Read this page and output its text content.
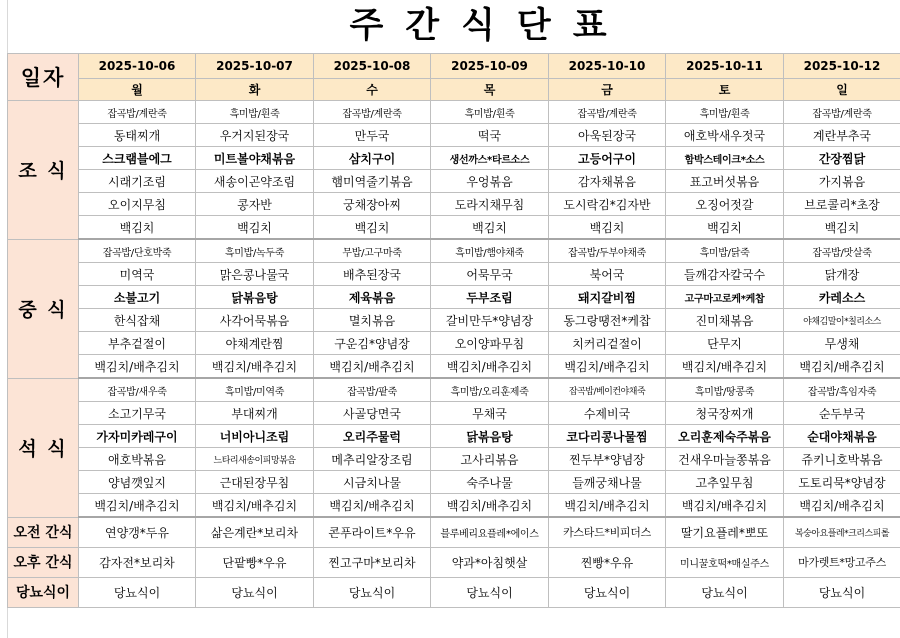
주간식단표
일자	2025-10-06	2025-10-07	2025-10-08	2025-10-09	2025-10-10	2025-10-11	2025-10-12
	월	화	수	목	금	토	일
조 식	잡곡밥/계란죽	흑미밥/흰죽	잡곡밥/계란죽	흑미밥/흰죽	잡곡밥/계란죽	흑미밥/흰죽	잡곡밥/계란죽
	동태찌개	우거지된장국	만두국	떡국	아욱된장국	애호박새우젓국	계란부추국
	스크램블에그	미트볼야채볶음	삼치구이	생선까스*타르소스	고등어구이	함박스테이크*소스	간장찜닭
	시래기조림	새송이곤약조림	햄미역줄기볶음	우엉볶음	감자채볶음	표고버섯볶음	가지볶음
	오이지무침	콩자반	궁채장아찌	도라지채무침	도시락김*김자반	오징어젓갈	브로콜리*초장
	백김치	백김치	백김치	백김치	백김치	백김치	백김치
중 식	잡곡밥/단호박죽	흑미밥/녹두죽	무밥/고구마죽	흑미밥/햄야채죽	잡곡밥/두부야채죽	흑미밥/닭죽	잡곡밥/맛살죽
	미역국	맑은콩나물국	배추된장국	어묵무국	북어국	들깨감자칼국수	닭개장
	소불고기	닭볶음탕	제육볶음	두부조림	돼지갈비찜	고구마고로케*케찹	카레소스
	한식잡채	사각어묵볶음	멸치볶음	갈비만두*양념장	동그랑땡전*케찹	진미채볶음	야채김말이*칠리소스
	부추겉절이	야채계란찜	구운김*양념장	오이양파무침	치커리겉절이	단무지	무생채
	백김치/배추김치	백김치/배추김치	백김치/배추김치	백김치/배추김치	백김치/배추김치	백김치/배추김치	백김치/배추김치
석 식	잡곡밥/새우죽	흑미밥/미역죽	잡곡밥/팥죽	흑미밥/오리훈제죽	잡곡밥/베이컨야채죽	흑미밥/땅콩죽	잡곡밥/흑임자죽
	소고기무국	부대찌개	사골당면국	무채국	수제비국	청국장찌개	순두부국
	가자미카레구이	너비아니조림	오리주물럭	닭볶음탕	코다리콩나물찜	오리훈제숙주볶음	순대야채볶음
	애호박볶음	느타리새송이피망볶음	메추리알장조림	고사리볶음	찐두부*양념장	건새우마늘쫑볶음	쥬키니호박볶음
	양념깻잎지	근대된장무침	시금치나물	숙주나물	들깨궁채나물	고추잎무침	도토리묵*양념장
	백김치/배추김치	백김치/배추김치	백김치/배추김치	백김치/배추김치	백김치/배추김치	백김치/배추김치	백김치/배추김치
오전 간식	연양갱*두유	삶은계란*보리차	콘푸라이트*우유	블루베리요플레*에이스	카스타드*비피더스	딸기요플레*뽀또	복숭아요플레*크리스피롤
오후 간식	감자전*보리차	단팥빵*우유	찐고구마*보리차	약과*아침햇살	찐빵*우유	미니꿀호떡*매실주스	마가렛트*망고주스
당뇨식이	당뇨식이	당뇨식이	당뇨식이	당뇨식이	당뇨식이	당뇨식이	당뇨식이
